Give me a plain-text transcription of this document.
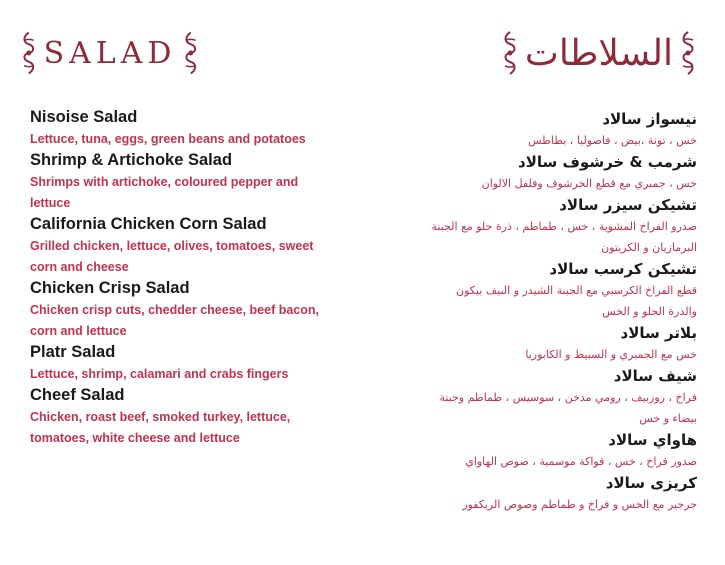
SALAD	السلاطات
Nisoise Salad
Lettuce, tuna, eggs, green beans and potatoes
Shrimp & Artichoke Salad
Shrimps with artichoke, coloured pepper and lettuce
California Chicken Corn Salad
Grilled chicken, lettuce, olives, tomatoes, sweet corn and cheese
Chicken Crisp Salad
Chicken crisp cuts, chedder cheese, beef bacon, corn and lettuce
Platr Salad
Lettuce, shrimp, calamari and crabs fingers
Cheef Salad
Chicken, roast beef, smoked turkey, lettuce, tomatoes, white cheese and lettuce
نيسواز سالاد
خس ، تونة ،بيض ، فاصوليا ، بطاطس
شرمب & خرشوف سالاد
خس ، جمبري مع قطع الخرشوف وفلفل الالوان
تشيكن سيزر سالاد
صدرو الفراخ المشوية ، خس ، طماطم ، ذرة حلو مع الجبنة البرمازيان و الكريتون
تشيكن كرسب سالاد
قطع الفراخ الكرسبي مع الجبنة الشيدر و البيف بيكون والذرة الحلو و الخس
بلاتر سالاد
خس مع الجمبري و السبيط و الكابوريا
شيف سالاد
فراخ ، روزبيف ، رومي مدخن ، سوسيس ، طماطم وجبنة بيضاء و خس
هاواي سالاد
صدور فراخ ، خس ، فواكة موسمية ، صوص الهاواي
كريزى سالاد
جرجير مع الخس و فراخ و طماطم وصوص الريكفور
